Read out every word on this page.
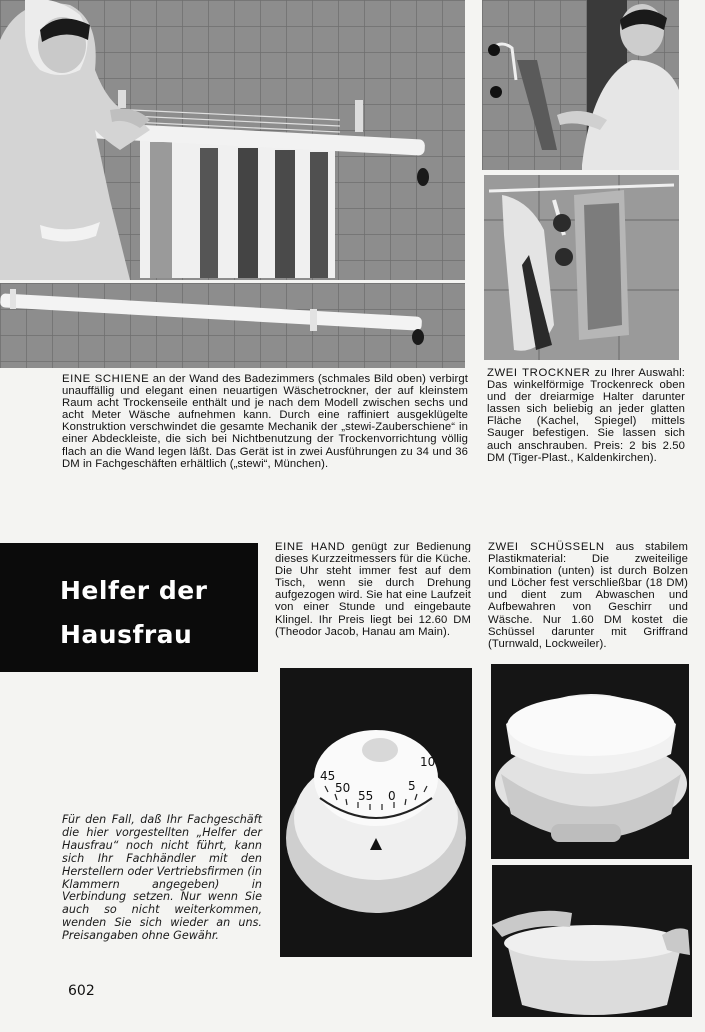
EINE SCHIENE an der Wand des Badezimmers (schmales Bild oben) verbirgt unauffällig und elegant einen neuartigen Wäschetrockner, der auf kleinstem Raum acht Trockenseile enthält und je nach dem Modell zwischen sechs und acht Meter Wäsche aufnehmen kann. Durch eine raffiniert ausgeklügelte Konstruktion verschwindet die gesamte Mechanik der „stewi-Zauberschiene“ in einer Abdeckleiste, die sich bei Nichtbenutzung der Trockenvorrichtung völlig flach an die Wand legen läßt. Das Gerät ist in zwei Ausführungen zu 34 und 36 DM in Fachgeschäften erhältlich („stewi“, München).

ZWEI TROCKNER zu Ihrer Auswahl: Das winkelförmige Trockenreck oben und der dreiarmige Halter darunter lassen sich beliebig an jeder glatten Fläche (Kachel, Spiegel) mittels Sauger befestigen. Sie lassen sich auch anschrauben. Preis: 2 bis 2.50 DM (Tiger-Plast., Kaldenkirchen).

Helfer der
Hausfrau

EINE HAND genügt zur Bedienung dieses Kurzzeitmessers für die Küche. Die Uhr steht immer fest auf dem Tisch, wenn sie durch Drehung aufgezogen wird. Sie hat eine Laufzeit von einer Stunde und eingebaute Klingel. Ihr Preis liegt bei 12.60 DM (Theodor Jacob, Hanau am Main).

ZWEI SCHÜSSELN aus stabilem Plastikmaterial: Die zweiteilige Kombination (unten) ist durch Bolzen und Löcher fest verschließbar (18 DM) und dient zum Abwaschen und Aufbewahren von Geschirr und Wäsche. Nur 1.60 DM kostet die Schüssel darunter mit Griffrand (Turnwald, Lockweiler).

45
50
55 0
5
10

Für den Fall, daß Ihr Fachgeschäft die hier vorgestellten „Helfer der Hausfrau“ noch nicht führt, kann sich Ihr Fachhändler mit den Herstellern oder Vertriebsfirmen (in Klammern angegeben) in Verbindung setzen. Nur wenn Sie auch so nicht weiterkommen, wenden Sie sich wieder an uns. Preisangaben ohne Gewähr.

602
